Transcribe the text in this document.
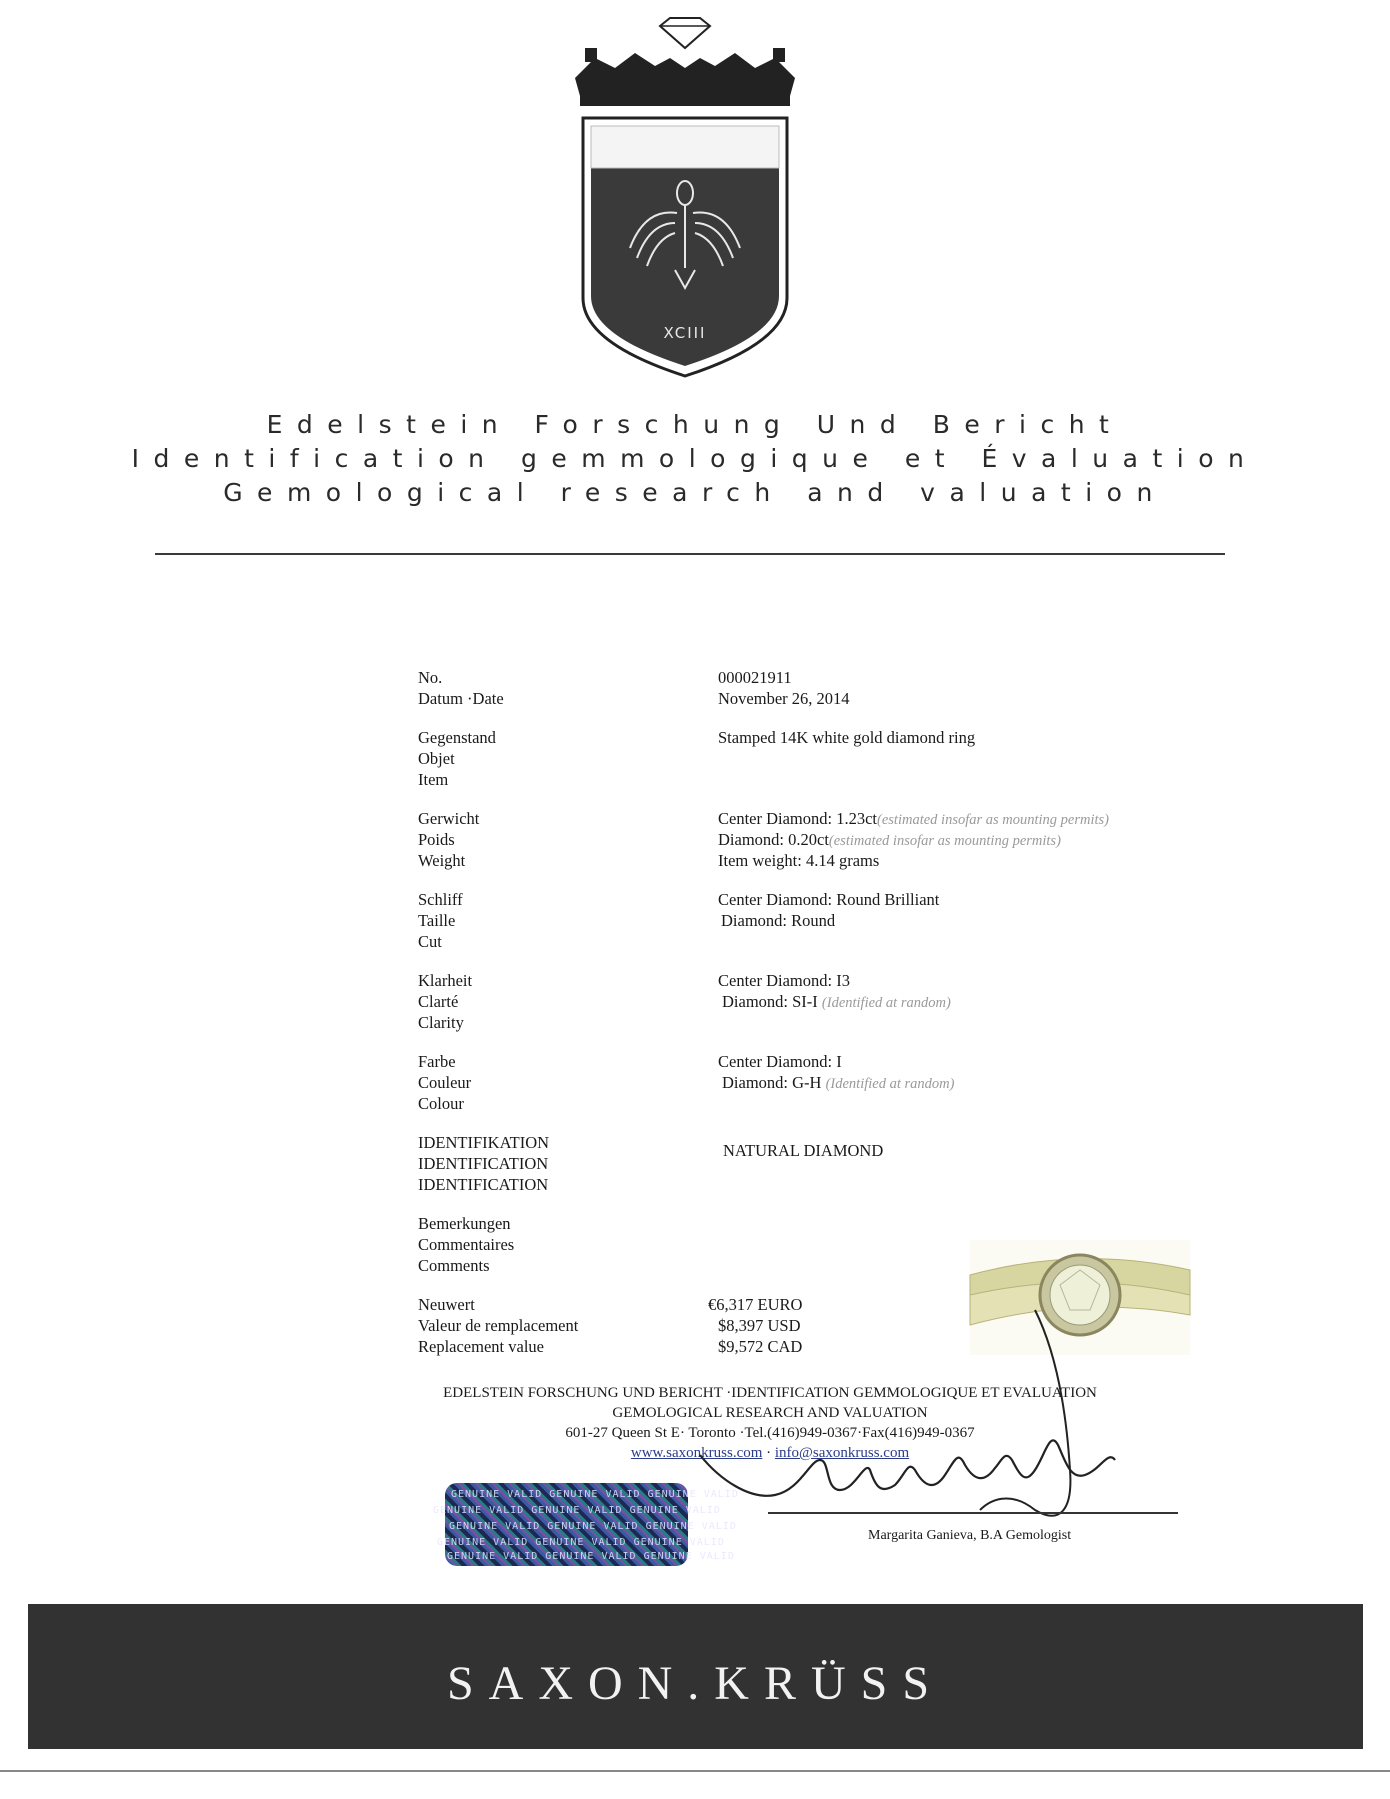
XCIII
Edelstein Forschung Und Bericht
Identification gemmologique et Évaluation
Gemological research and valuation
No.
Datum ·Date
000021911
November 26, 2014
Gegenstand
Objet
Item
Stamped 14K white gold diamond ring
Gerwicht
Poids
Weight
Center Diamond: 1.23ct(estimated insofar as mounting permits)
Diamond: 0.20ct(estimated insofar as mounting permits)
Item weight: 4.14 grams
Schliff
Taille
Cut
Center Diamond: Round Brilliant
Diamond: Round
Klarheit
Clarté
Clarity
Center Diamond: I3
Diamond: SI-I (Identified at random)
Farbe
Couleur
Colour
Center Diamond: I
Diamond: G-H (Identified at random)
IDENTIFIKATION
IDENTIFICATION
IDENTIFICATION
NATURAL DIAMOND
Bemerkungen
Commentaires
Comments
Neuwert
Valeur de remplacement
Replacement value
€6,317 EURO
$8,397 USD
$9,572 CAD
EDELSTEIN FORSCHUNG UND BERICHT ·IDENTIFICATION GEMMOLOGIQUE ET EVALUATION
GEMOLOGICAL RESEARCH AND VALUATION
601-27 Queen St E· Toronto ·Tel.(416)949-0367·Fax(416)949-0367
www.saxonkruss.com · info@saxonkruss.com
GENUINE VALID GENUINE VALID GENUINE VALID
GENUINE VALID GENUINE VALID GENUINE VALID
GENUINE VALID GENUINE VALID GENUINE VALID
GENUINE VALID GENUINE VALID GENUINE VALID
GENUINE VALID GENUINE VALID GENUINE VALID
Margarita Ganieva, B.A Gemologist
SAXON.KRÜSS
